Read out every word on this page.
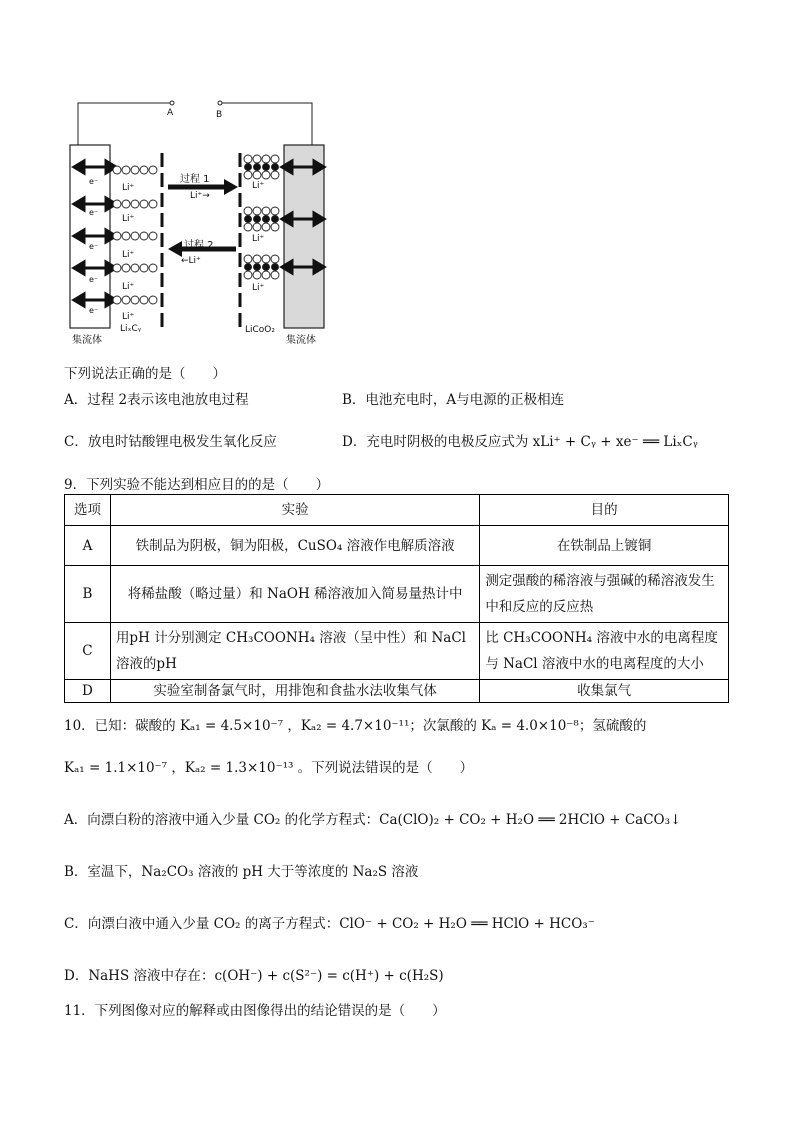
A	B
过程 1
Li⁺→
过程 2
←Li⁺
e⁻
e⁻
e⁻
e⁻
e⁻
Li⁺
Li⁺
Li⁺
Li⁺
Li⁺
Li⁺
Li⁺
Li⁺
LiₓCᵧ	LiCoO₂
集流体	集流体
下列说法正确的是（　　）
A．过程 2表示该电池放电过程	B．电池充电时，A与电源的正极相连
C．放电时钴酸锂电极发生氧化反应	D．充电时阴极的电极反应式为 xLi⁺ + Cᵧ + xe⁻ ══ LiₓCᵧ
9．下列实验不能达到相应目的的是（　　）
选项	实验	目的
A	铁制品为阴极，铜为阳极，CuSO₄ 溶液作电解质溶液	在铁制品上镀铜
B	将稀盐酸（略过量）和 NaOH 稀溶液加入简易量热计中	测定强酸的稀溶液与强碱的稀溶液发生中和反应的反应热
C	用pH 计分别测定 CH₃COONH₄ 溶液（呈中性）和 NaCl 溶液的pH	比 CH₃COONH₄ 溶液中水的电离程度与 NaCl 溶液中水的电离程度的大小
D	实验室制备氯气时，用排饱和食盐水法收集气体	收集氯气
10．已知：碳酸的 Kₐ₁ = 4.5×10⁻⁷ ，Kₐ₂ = 4.7×10⁻¹¹；次氯酸的 Kₐ = 4.0×10⁻⁸；氢硫酸的
Kₐ₁ = 1.1×10⁻⁷ ，Kₐ₂ = 1.3×10⁻¹³ 。下列说法错误的是（　　）
A．向漂白粉的溶液中通入少量 CO₂ 的化学方程式：Ca(ClO)₂ + CO₂ + H₂O ══ 2HClO + CaCO₃↓
B．室温下，Na₂CO₃ 溶液的 pH 大于等浓度的 Na₂S 溶液
C．向漂白液中通入少量 CO₂ 的离子方程式：ClO⁻ + CO₂ + H₂O ══ HClO + HCO₃⁻
D．NaHS 溶液中存在：c(OH⁻) + c(S²⁻) = c(H⁺) + c(H₂S)
11．下列图像对应的解释或由图像得出的结论错误的是（　　）
